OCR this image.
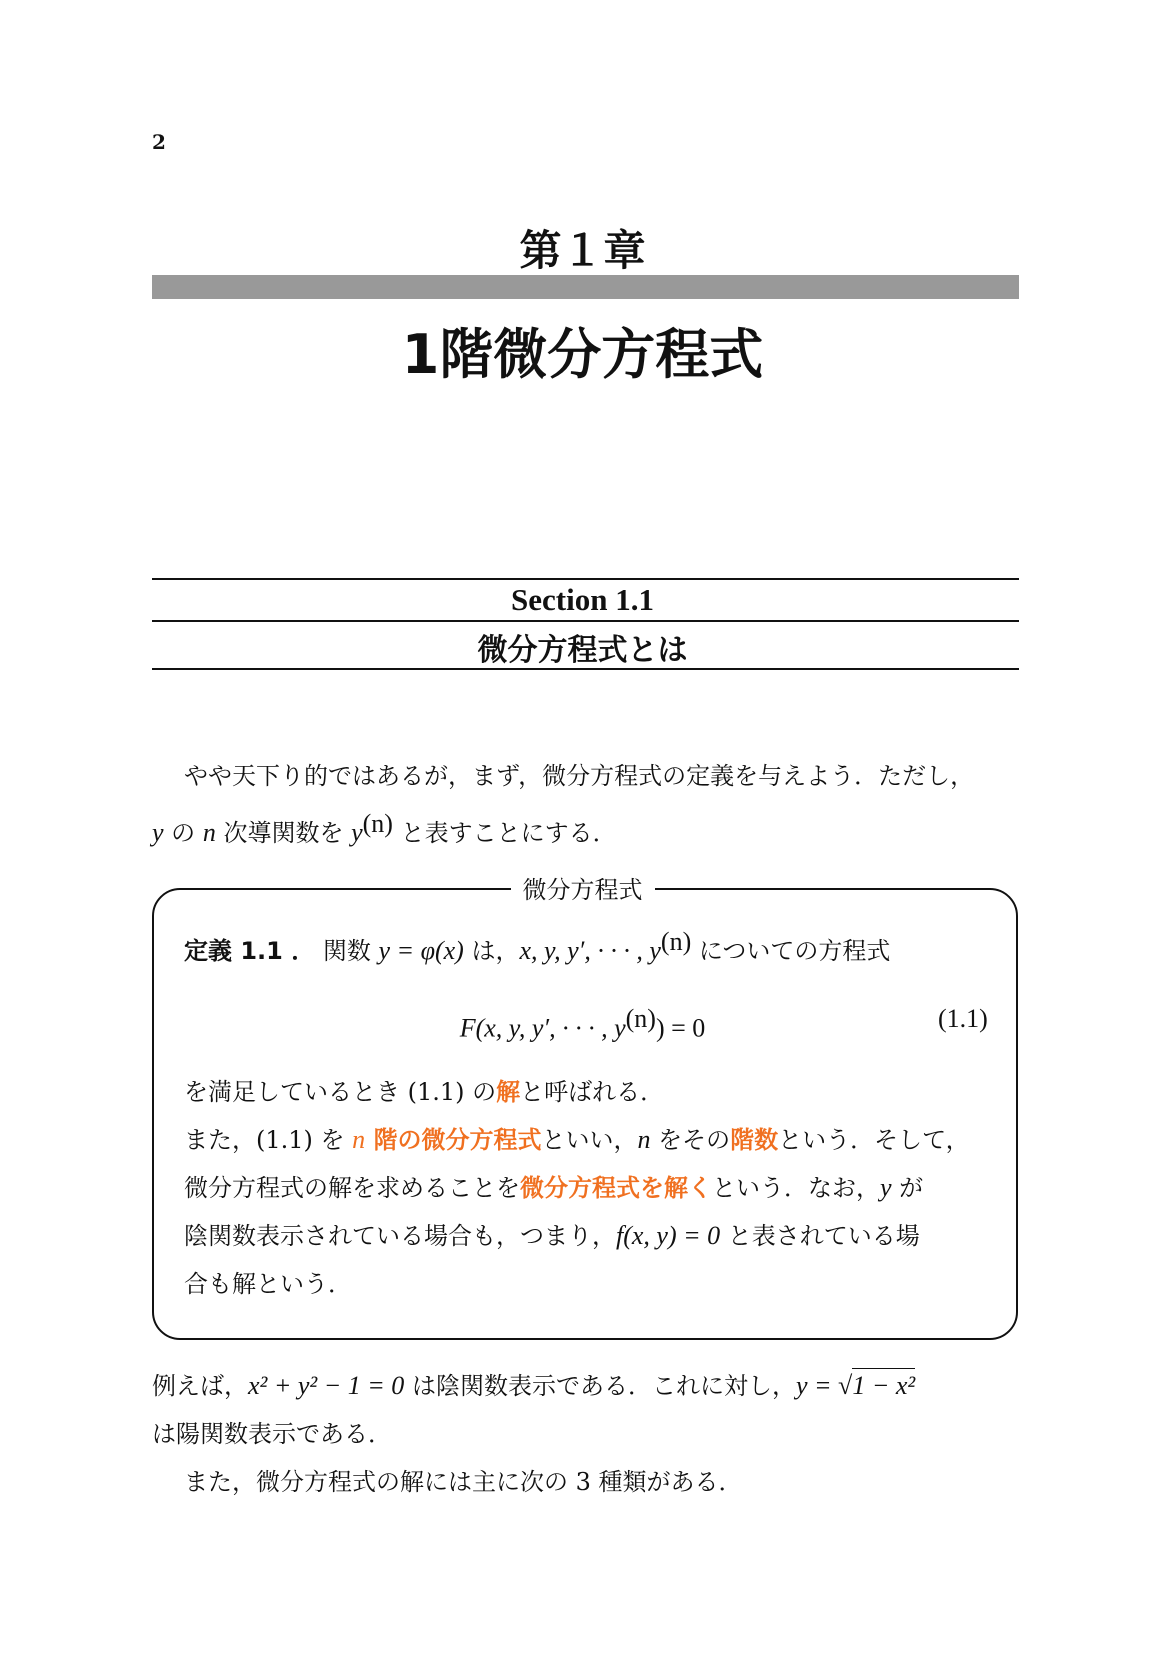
2
第１章
1階微分方程式
Section 1.1
微分方程式とは
やや天下り的ではあるが，まず，微分方程式の定義を与えよう．ただし，
y の n 次導関数を $y^{(n)}$ と表すことにする．
微分方程式
定義 1.1 ． 関数 y = φ(x) は，x, y, y′, · · · , $y^{(n)}$ についての方程式
F(x, y, y′, · · · , $y^{(n)}) = 0$	(1.1)
を満足しているとき (1.1) の解と呼ばれる．
また，(1.1) を n 階の微分方程式といい，n をその階数という．そして，
微分方程式の解を求めることを微分方程式を解くという．なお，y が
陰関数表示されている場合も，つまり，f(x, y) = 0 と表されている場
合も解という．
例えば，x² + y² − 1 = 0 は陰関数表示である．これに対し，y = √1 − x²
は陽関数表示である．
また，微分方程式の解には主に次の 3 種類がある．
